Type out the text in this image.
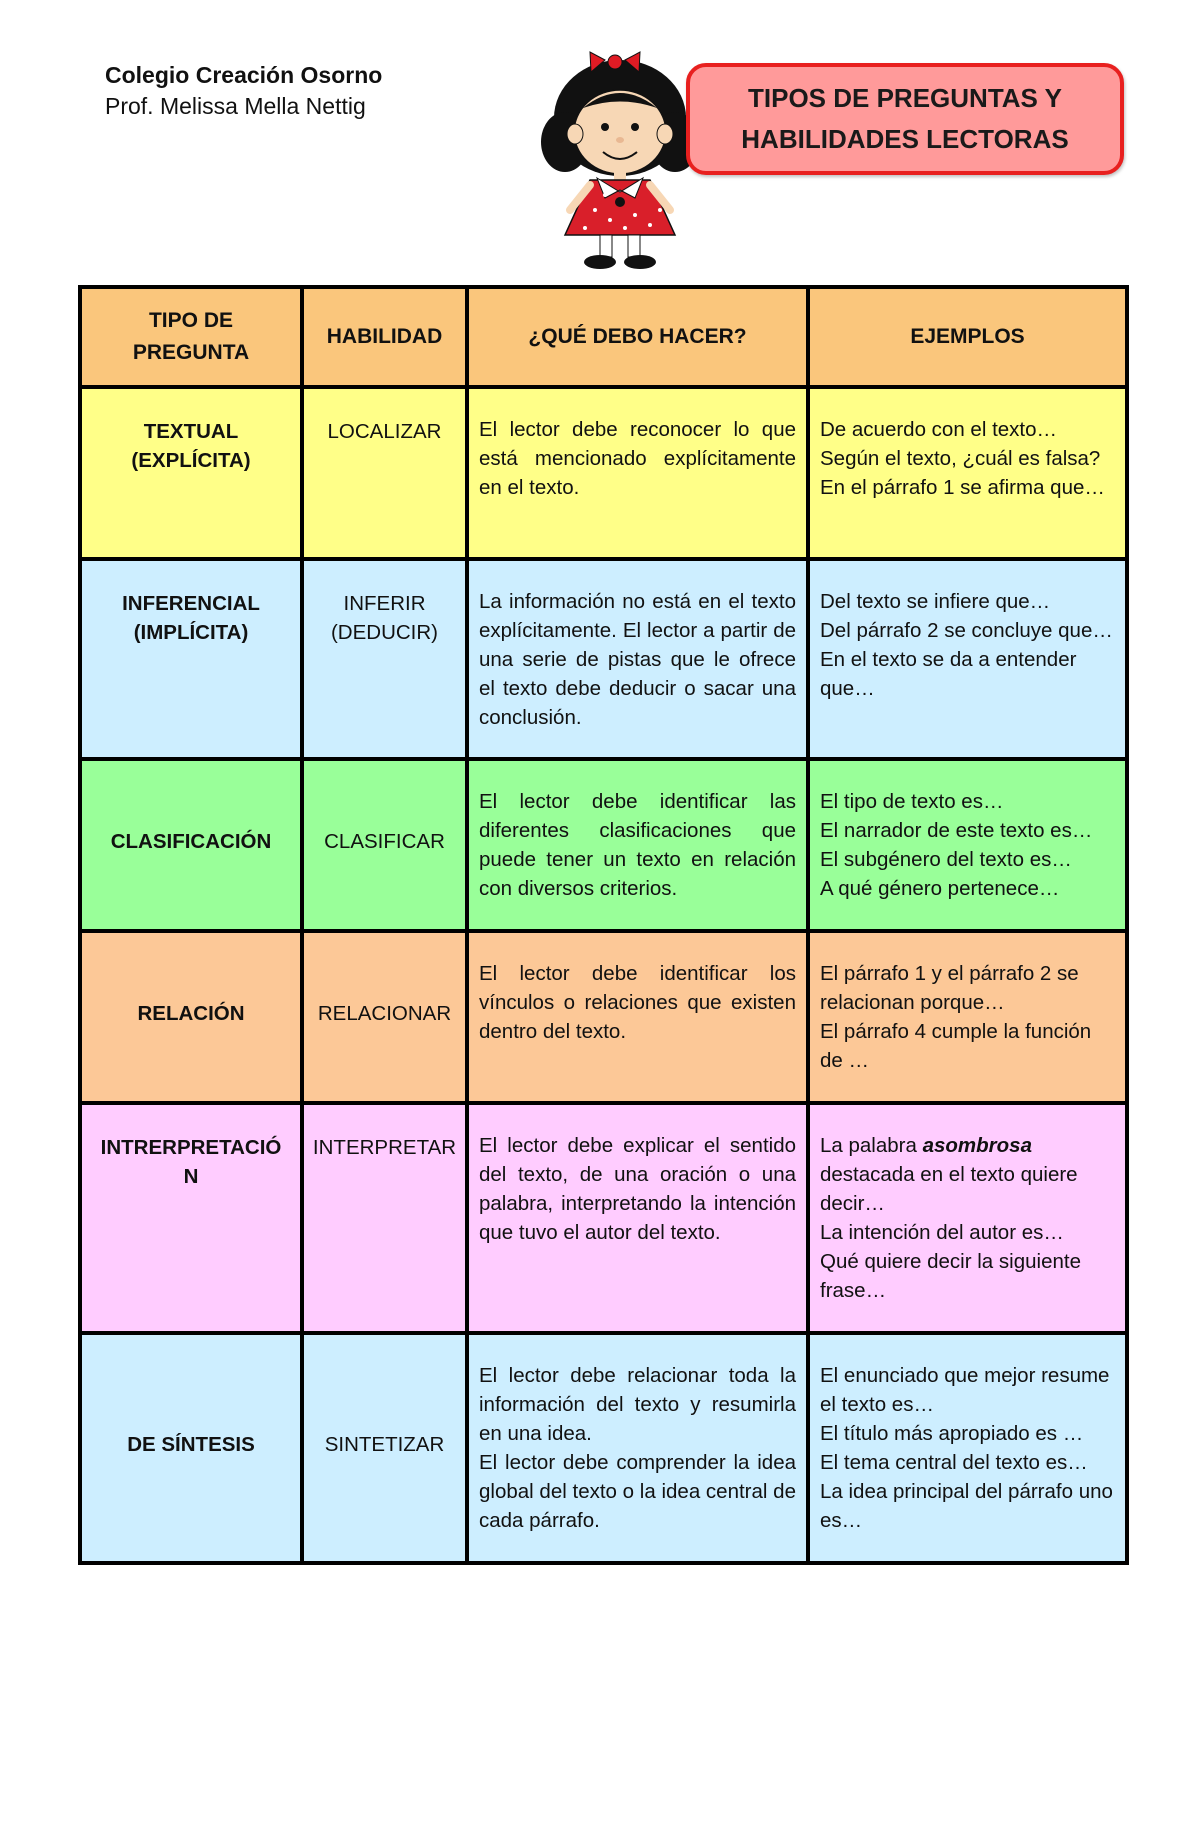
Colegio Creación Osorno
Prof. Melissa Mella Nettig	TIPOS DE PREGUNTAS Y
HABILIDADES LECTORAS
TIPO DE
PREGUNTA	HABILIDAD	¿QUÉ DEBO HACER?	EJEMPLOS

TEXTUAL
(EXPLÍCITA)	LOCALIZAR	El lector debe reconocer lo que está mencionado explícitamente en el texto.	De acuerdo con el texto…
Según el texto, ¿cuál es falsa?
En el párrafo 1 se afirma que…

INFERENCIAL
(IMPLÍCITA)	INFERIR
(DEDUCIR)	La información no está en el texto explícitamente. El lector a partir de una serie de pistas que le ofrece el texto debe deducir o sacar una conclusión.	Del texto se infiere que…
Del párrafo 2 se concluye que…
En el texto se da a entender que…

CLASIFICACIÓN	CLASIFICAR	El lector debe identificar las diferentes clasificaciones que puede tener un texto en relación con diversos criterios.	El tipo de texto es…
El narrador de este texto es…
El subgénero del texto es…
A qué género pertenece…

RELACIÓN	RELACIONAR	El lector debe identificar los vínculos o relaciones que existen dentro del texto.	El párrafo 1 y el párrafo 2 se relacionan porque…
El párrafo 4 cumple la función de …

INTRERPRETACIÓ
N	INTERPRETAR	El lector debe explicar el sentido del texto, de una oración o una palabra, interpretando la intención que tuvo el autor del texto.	La palabra asombrosa destacada en el texto quiere decir…
La intención del autor es…
Qué quiere decir la siguiente frase…

DE SÍNTESIS	SINTETIZAR	El lector debe relacionar toda la información del texto y resumirla en una idea.
El lector debe comprender la idea global del texto o la idea central de cada párrafo.	El enunciado que mejor resume el texto es…
El título más apropiado es …
El tema central del texto es…
La idea principal del párrafo uno es…
